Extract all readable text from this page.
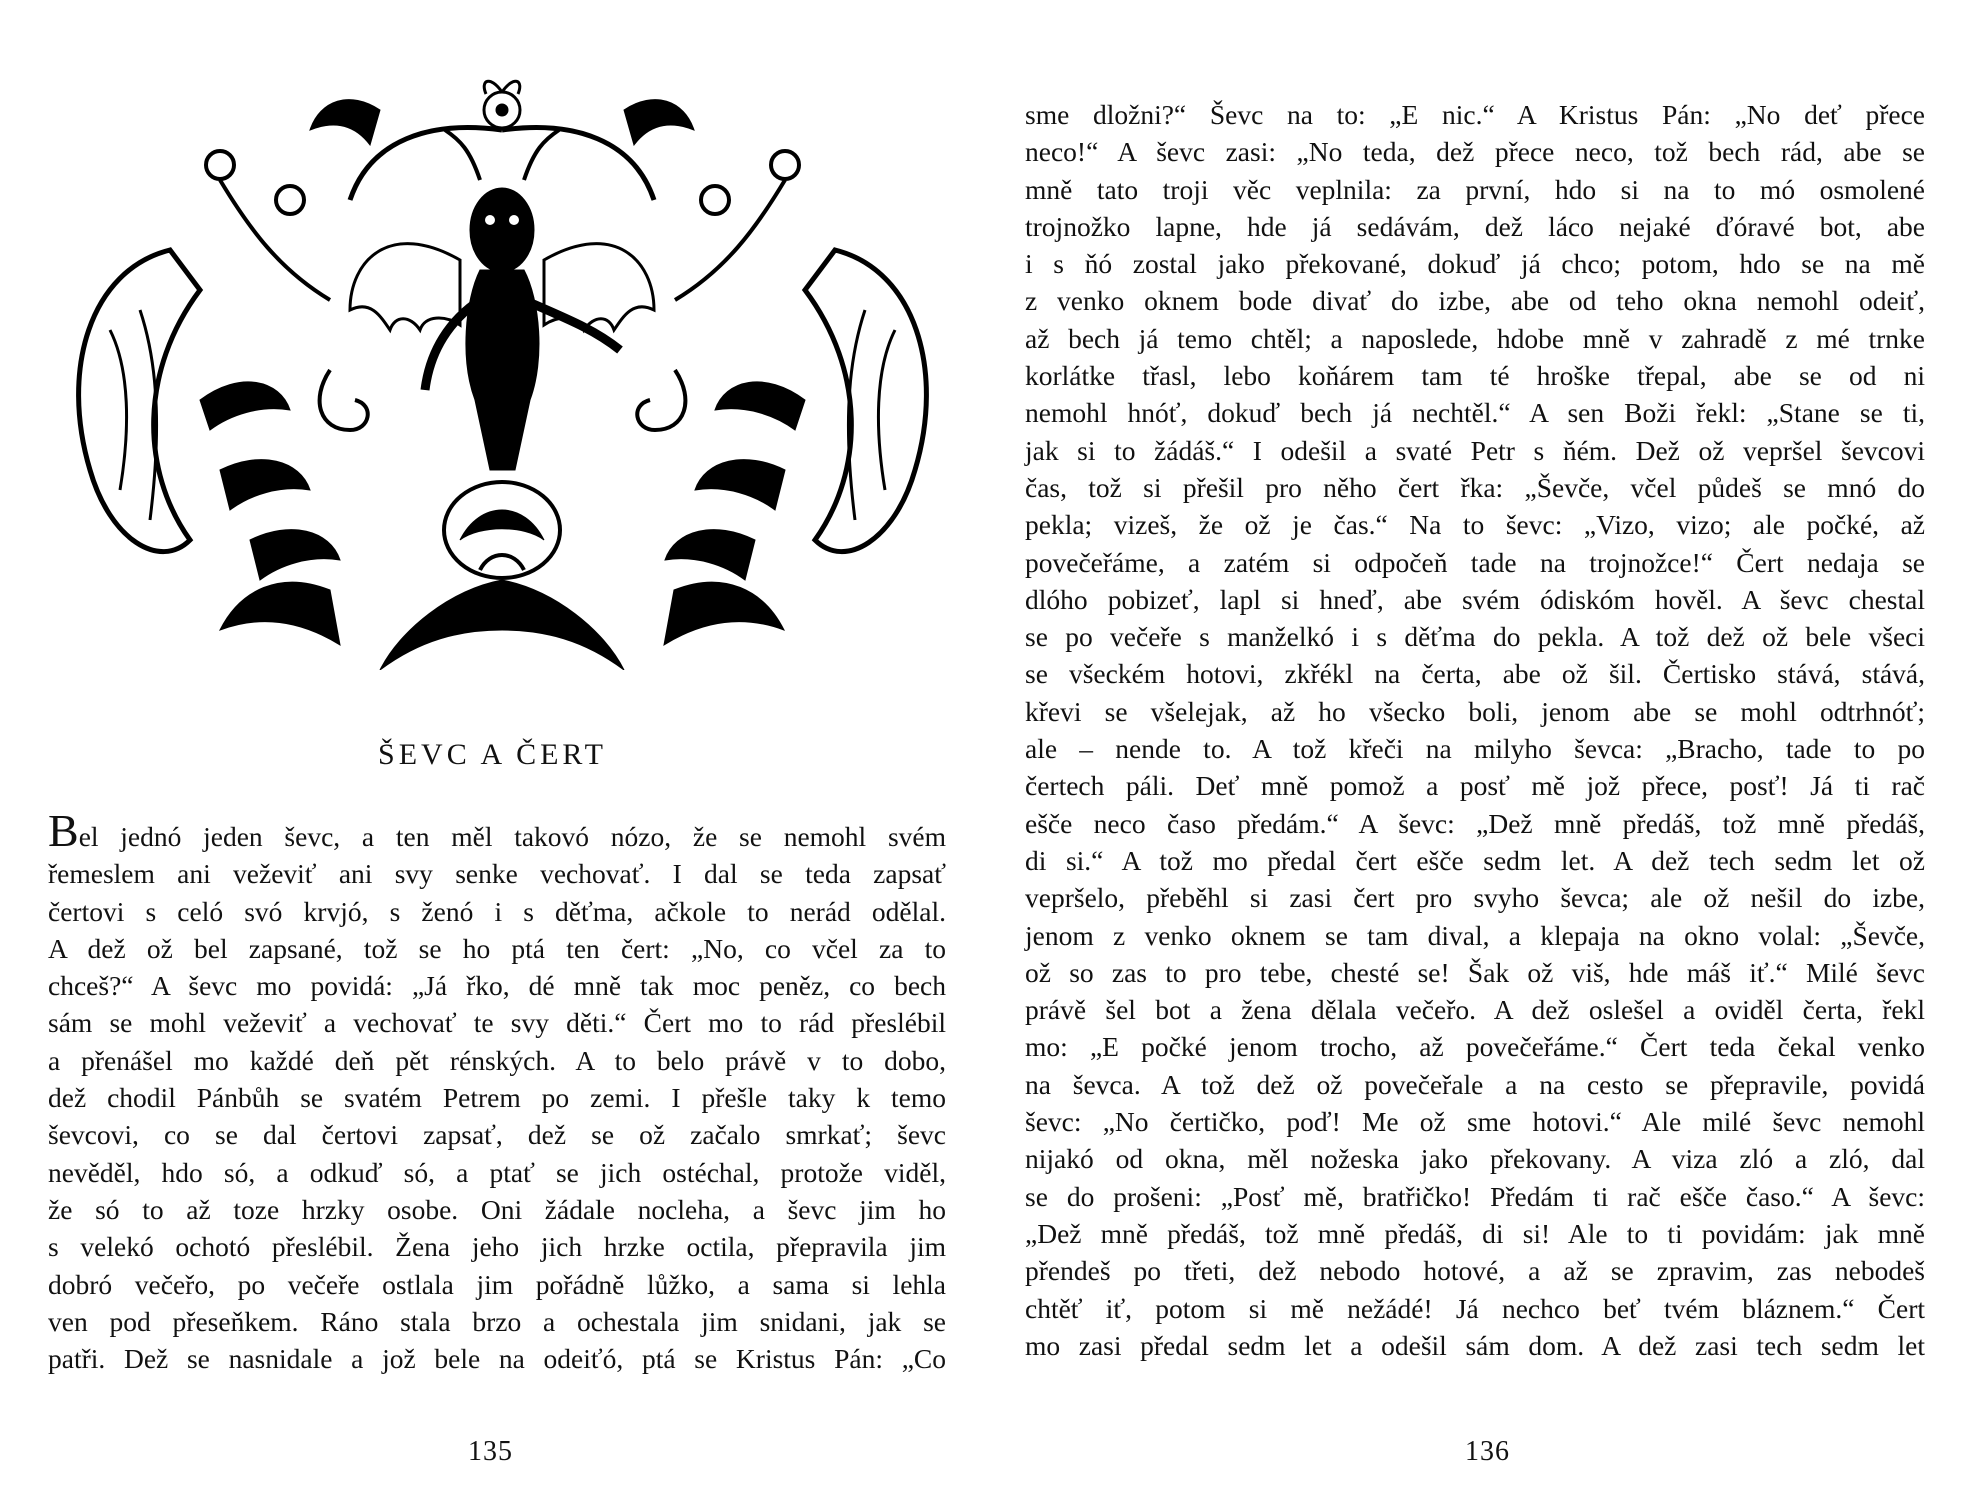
ŠEVC A ČERT
Bel jednó jeden ševc, a ten měl takovó nózo, že se nemohl svém
řemeslem ani veževiť ani svy senke vechovať. I dal se teda zapsať
čertovi s celó svó krvjó, s ženó i s děťma, ačkole to nerád odělal.
A dež ož bel zapsané, tož se ho ptá ten čert: „No, co včel za to
chceš?“ A ševc mo povidá: „Já řko, dé mně tak moc peněz, co bech
sám se mohl veževiť a vechovať te svy děti.“ Čert mo to rád přeslébil
a přenášel mo každé deň pět rénských. A to belo právě v to dobo,
dež chodil Pánbůh se svatém Petrem po zemi. I přešle taky k temo
ševcovi, co se dal čertovi zapsať, dež se ož začalo smrkať; ševc
nevěděl, hdo só, a odkuď só, a ptať se jich ostéchal, protože viděl,
že só to až toze hrzky osobe. Oni žádale nocleha, a ševc jim ho
s velekó ochotó přeslébil. Žena jeho jich hrzke octila, přepravila jim
dobró večeřo, po večeře ostlala jim pořádně lůžko, a sama si lehla
ven pod přeseňkem. Ráno stala brzo a ochestala jim snidani, jak se
patři. Dež se nasnidale a jož bele na odeiťó, ptá se Kristus Pán: „Co
135
sme dložni?“ Ševc na to: „E nic.“ A Kristus Pán: „No deť přece
neco!“ A ševc zasi: „No teda, dež přece neco, tož bech rád, abe se
mně tato troji věc veplnila: za první, hdo si na to mó osmolené
trojnožko lapne, hde já sedávám, dež láco nejaké ďóravé bot, abe
i s ňó zostal jako překované, dokuď já chco; potom, hdo se na mě
z venko oknem bode divať do izbe, abe od teho okna nemohl odeiť,
až bech já temo chtěl; a naposlede, hdobe mně v zahradě z mé trnke
korlátke třasl, lebo koňárem tam té hroške třepal, abe se od ni
nemohl hnóť, dokuď bech já nechtěl.“ A sen Boži řekl: „Stane se ti,
jak si to žádáš.“ I odešil a svaté Petr s ňém. Dež ož vepršel ševcovi
čas, tož si přešil pro něho čert řka: „Ševče, včel půdeš se mnó do
pekla; vizeš, že ož je čas.“ Na to ševc: „Vizo, vizo; ale počké, až
povečeřáme, a zatém si odpočeň tade na trojnožce!“ Čert nedaja se
dlóho pobizeť, lapl si hneď, abe svém ódiskóm hověl. A ševc chestal
se po večeře s manželkó i s děťma do pekla. A tož dež ož bele všeci
se všeckém hotovi, zkřékl na čerta, abe ož šil. Čertisko stává, stává,
křevi se všelejak, až ho všecko boli, jenom abe se mohl odtrhnóť;
ale – nende to. A tož křeči na milyho ševca: „Bracho, tade to po
čertech páli. Deť mně pomož a posť mě jož přece, posť! Já ti rač
eščе neco časo předám.“ A ševc: „Dež mně předáš, tož mně předáš,
di si.“ A tož mo předal čert ešče sedm let. A dež tech sedm let ož
vepršelo, přeběhl si zasi čert pro svyho ševca; ale ož nešil do izbe,
jenom z venko oknem se tam dival, a klepaja na okno volal: „Ševče,
ož so zas to pro tebe, chesté se! Šak ož viš, hde máš iť.“ Milé ševc
právě šel bot a žena dělala večeřo. A dež oslešel a oviděl čerta, řekl
mo: „E počké jenom trocho, až povečeřáme.“ Čert teda čekal venko
na ševca. A tož dež ož povečeřale a na cesto se přepravile, povidá
ševc: „No čertičko, poď! Me ož sme hotovi.“ Ale milé ševc nemohl
nijakó od okna, měl nožeska jako překovany. A viza zló a zló, dal
se do prošeni: „Posť mě, bratřičko! Předám ti rač ešče časo.“ A ševc:
„Dež mně předáš, tož mně předáš, di si! Ale to ti povidám: jak mně
přendeš po třeti, dež nebodo hotové, a až se zpravim, zas nebodeš
chtěť iť, potom si mě nežádé! Já nechco beť tvém bláznem.“ Čert
mo zasi předal sedm let a odešil sám dom. A dež zasi tech sedm let
136
